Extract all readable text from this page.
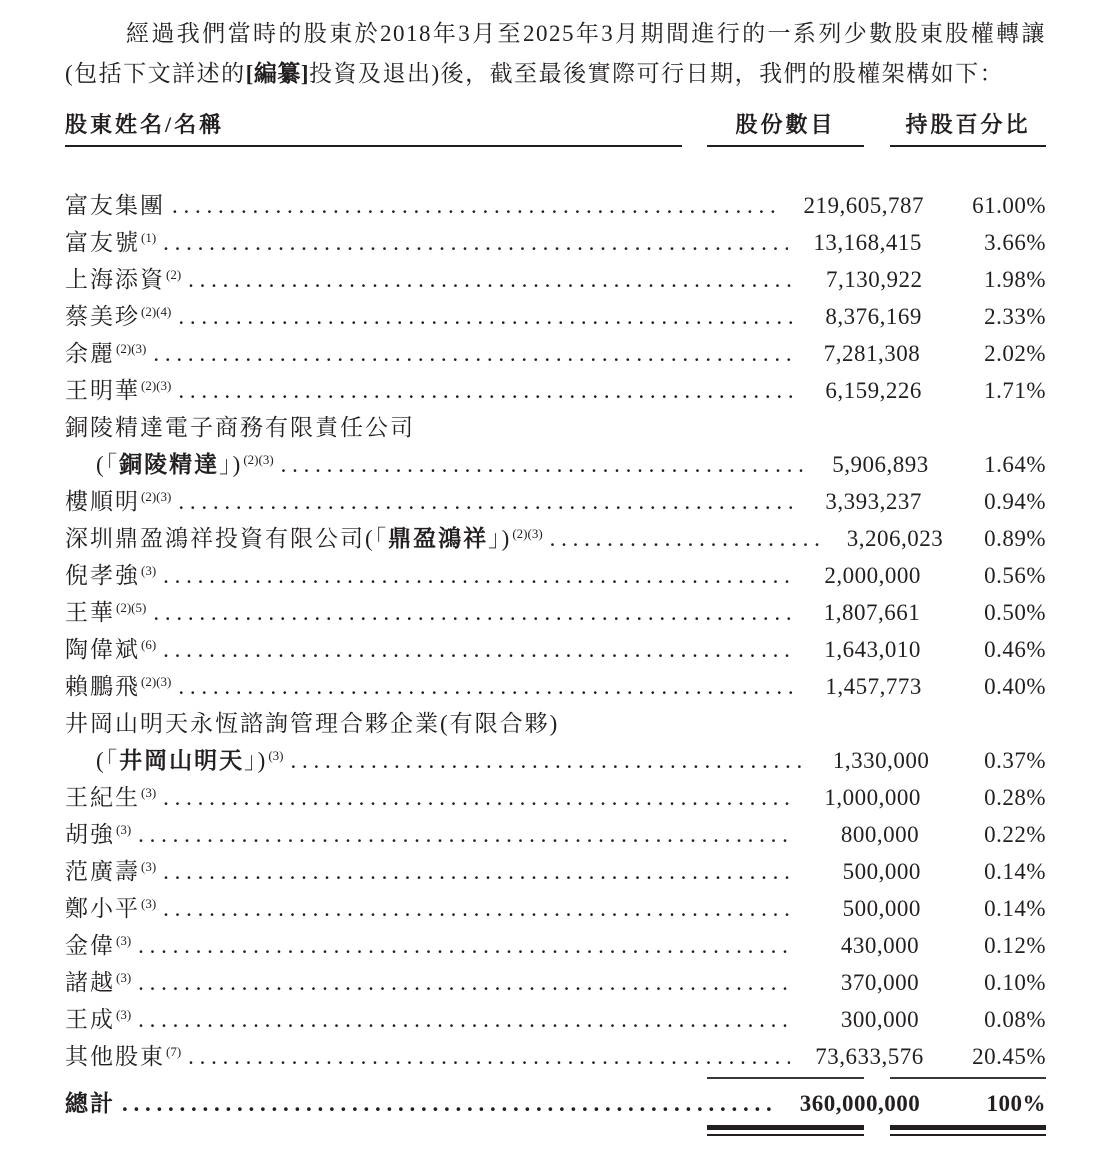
經過我們當時的股東於2018年3月至2025年3月期間進行的一系列少數股東股權轉讓(包括下文詳述的[編纂]投資及退出)後，截至最後實際可行日期，我們的股權架構如下：

股東姓名/名稱	股份數目	持股百分比
富友集團 . . .	219,605,787	61.00%
富友號$^{(1)}$ . . .	13,168,415	3.66%
上海添資$^{(2)}$ . . .	7,130,922	1.98%
蔡美珍$^{(2)(4)}$ . . .	8,376,169	2.33%
余麗$^{(2)(3)}$ . . .	7,281,308	2.02%
王明華$^{(2)(3)}$ . . .	6,159,226	1.71%
銅陵精達電子商務有限責任公司
(「銅陵精達」)$^{(2)(3)}$ . . .	5,906,893	1.64%
樓順明$^{(2)(3)}$ . . .	3,393,237	0.94%
深圳鼎盈鴻祥投資有限公司(「鼎盈鴻祥」)$^{(2)(3)}$ . . .	3,206,023	0.89%
倪孝強$^{(3)}$ . . .	2,000,000	0.56%
王華$^{(2)(5)}$ . . .	1,807,661	0.50%
陶偉斌$^{(6)}$ . . .	1,643,010	0.46%
賴鵬飛$^{(2)(3)}$ . . .	1,457,773	0.40%
井岡山明天永恆諮詢管理合夥企業(有限合夥)
(「井岡山明天」)$^{(3)}$ . . .	1,330,000	0.37%
王紀生$^{(3)}$ . . .	1,000,000	0.28%
胡強$^{(3)}$ . . .	800,000	0.22%
范廣壽$^{(3)}$ . . .	500,000	0.14%
鄭小平$^{(3)}$ . . .	500,000	0.14%
金偉$^{(3)}$ . . .	430,000	0.12%
諸越$^{(3)}$ . . .	370,000	0.10%
王成$^{(3)}$ . . .	300,000	0.08%
其他股東$^{(7)}$ . . .	73,633,576	20.45%
總計 . . .	360,000,000	100%
